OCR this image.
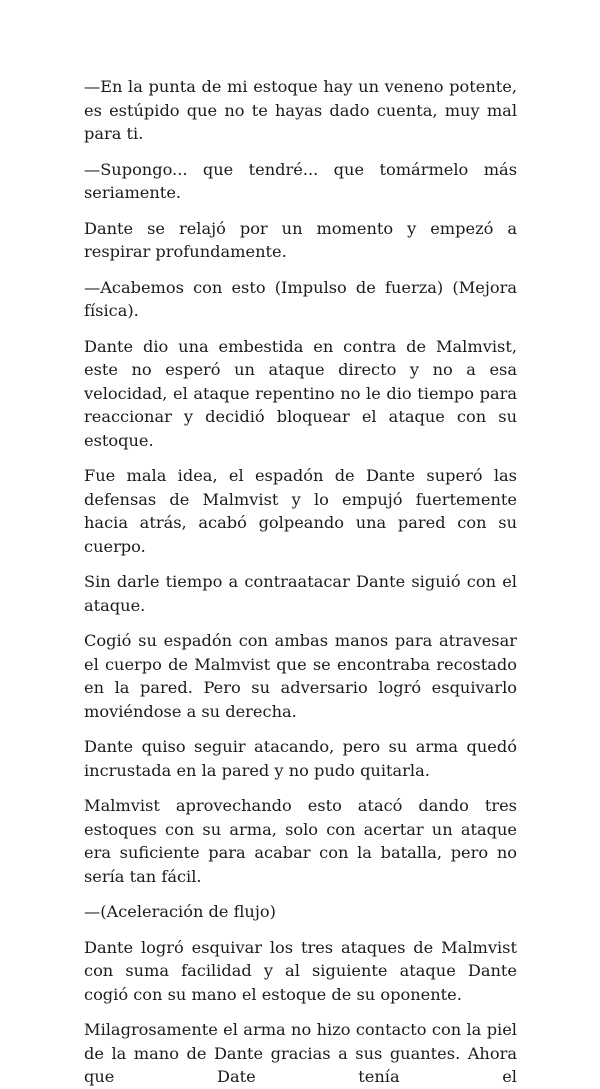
—En la punta de mi estoque hay un veneno potente, es estúpido que no te hayas dado cuenta, muy mal para ti.

—Supongo... que tendré... que tomármelo más seriamente.

Dante se relajó por un momento y empezó a respirar profundamente.

—Acabemos con esto (Impulso de fuerza) (Mejora física).

Dante dio una embestida en contra de Malmvist, este no esperó un ataque directo y no a esa velocidad, el ataque repentino no le dio tiempo para reaccionar y decidió bloquear el ataque con su estoque.

Fue mala idea, el espadón de Dante superó las defensas de Malmvist y lo empujó fuertemente hacia atrás, acabó golpeando una pared con su cuerpo.

Sin darle tiempo a contraatacar Dante siguió con el ataque.

Cogió su espadón con ambas manos para atravesar el cuerpo de Malmvist que se encontraba recostado en la pared. Pero su adversario logró esquivarlo moviéndose a su derecha.

Dante quiso seguir atacando, pero su arma quedó incrustada en la pared y no pudo quitarla.

Malmvist aprovechando esto atacó dando tres estoques con su arma, solo con acertar un ataque era suficiente para acabar con la batalla, pero no sería tan fácil.

—(Aceleración de flujo)

Dante logró esquivar los tres ataques de Malmvist con suma facilidad y al siguiente ataque Dante cogió con su mano el estoque de su oponente.

Milagrosamente el arma no hizo contacto con la piel de la mano de Dante gracias a sus guantes. Ahora que Date tenía el
